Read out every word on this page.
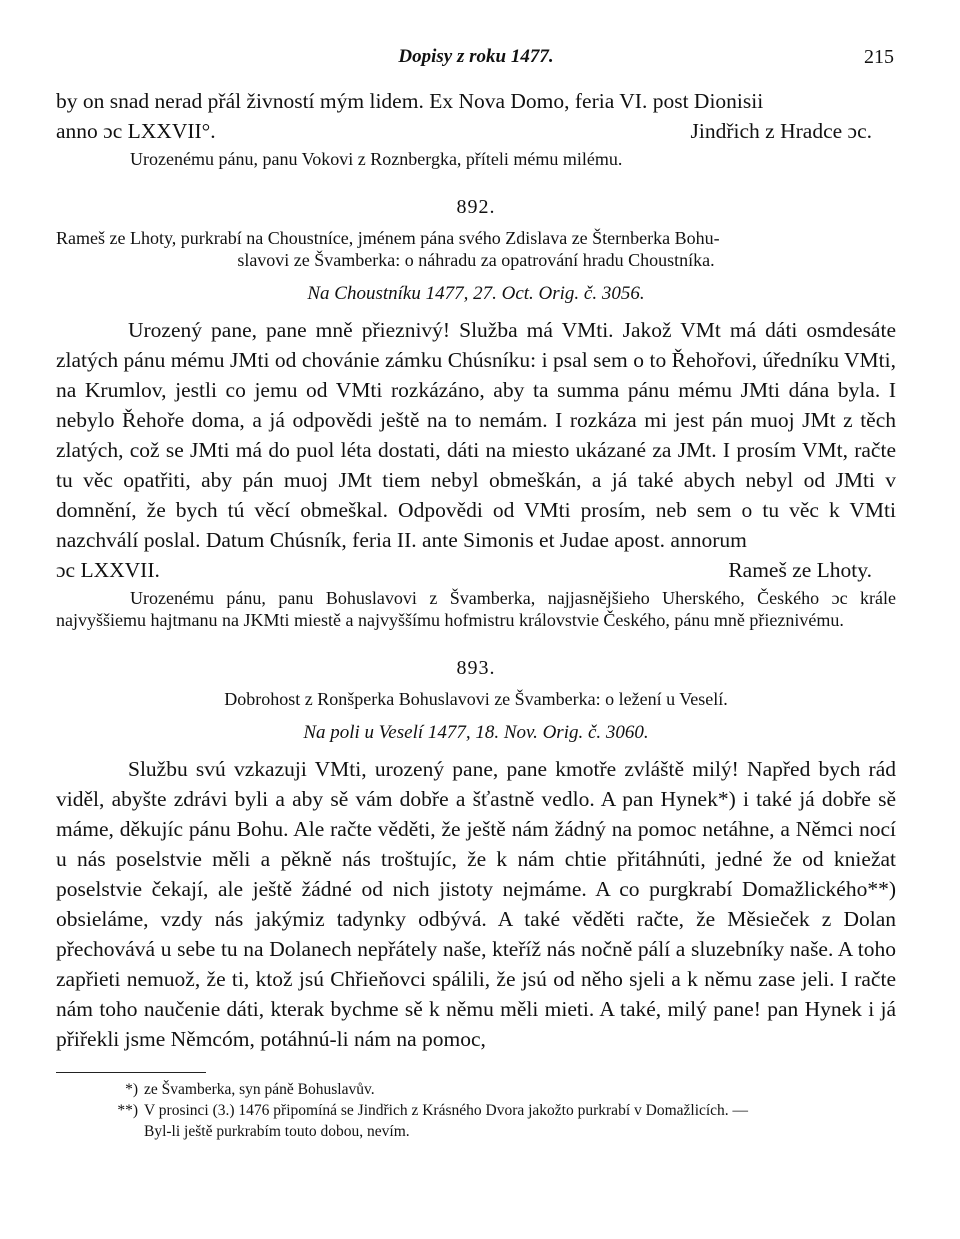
Dopisy z roku 1477.	215

by on snad nerad přál živností mým lidem. Ex Nova Domo, feria VI. post Dionisii

anno ɔc LXXVII°.	Jindřich z Hradce ɔc.

Urozenému pánu, panu Vokovi z Roznbergka, příteli mému milému.

892.

Rameš ze Lhoty, purkrabí na Choustníce, jménem pána svého Zdislava ze Šternberka Bohu-

slavovi ze Švamberka: o náhradu za opatrování hradu Choustníka.

Na Choustníku 1477, 27. Oct. Orig. č. 3056.

Urozený pane, pane mně přieznivý! Služba má VMti. Jakož VMt má dáti osmdesáte zlatých pánu mému JMti od chovánie zámku Chúsníku: i psal sem o to Řehořovi, úředníku VMti, na Krumlov, jestli co jemu od VMti rozkázáno, aby ta summa pánu mému JMti dána byla. I nebylo Řehoře doma, a já odpovědi ještě na to nemám. I rozkáza mi jest pán muoj JMt z těch zlatých, což se JMti má do puol léta dostati, dáti na miesto ukázané za JMt. I prosím VMt, račte tu věc opatřiti, aby pán muoj JMt tiem nebyl obmeškán, a já také abych nebyl od JMti v domnění, že bych tú věcí obmeškal. Odpovědi od VMti prosím, neb sem o tu věc k VMti nazchválí poslal. Datum Chúsník, feria II. ante Simonis et Judae apost. annorum

ɔc LXXVII.	Rameš ze Lhoty.

Urozenému pánu, panu Bohuslavovi z Švamberka, najjasnějšieho Uherského, Českého ɔc krále najvyššiemu hajtmanu na JKMti miestě a najvyššímu hofmistru královstvie Českého, pánu mně přieznivému.

893.

Dobrohost z Ronšperka Bohuslavovi ze Švamberka: o ležení u Veselí.

Na poli u Veselí 1477, 18. Nov. Orig. č. 3060.

Službu svú vzkazuji VMti, urozený pane, pane kmotře zvláště milý! Napřed bych rád viděl, abyšte zdrávi byli a aby sě vám dobře a šťastně vedlo. A pan Hynek*) i také já dobře sě máme, děkujíc pánu Bohu. Ale račte věděti, že ještě nám žádný na pomoc netáhne, a Němci nocí u nás poselstvie měli a pěkně nás troštujíc, že k nám chtie přitáhnúti, jedné že od kniežat poselstvie čekají, ale ještě žádné od nich jistoty nejmáme. A co purgkrabí Domažlického**) obsieláme, vzdy nás jakýmiz tadynky odbývá. A také věděti račte, že Měsieček z Dolan přechovává u sebe tu na Dolanech nepřátely naše, kteříž nás nočně pálí a sluzebníky naše. A toho zapřieti nemuož, že ti, ktož jsú Chřieňovci spálili, že jsú od něho sjeli a k němu zase jeli. I račte nám toho naučenie dáti, kterak bychme sě k němu měli mieti. A také, milý pane! pan Hynek i já přiřekli jsme Němcóm, potáhnú-li nám na pomoc,

*) ze Švamberka, syn páně Bohuslavův.

**) V prosinci (3.) 1476 připomíná se Jindřich z Krásného Dvora jakožto purkrabí v Domažlicích. —

Byl-li ještě purkrabím touto dobou, nevím.
